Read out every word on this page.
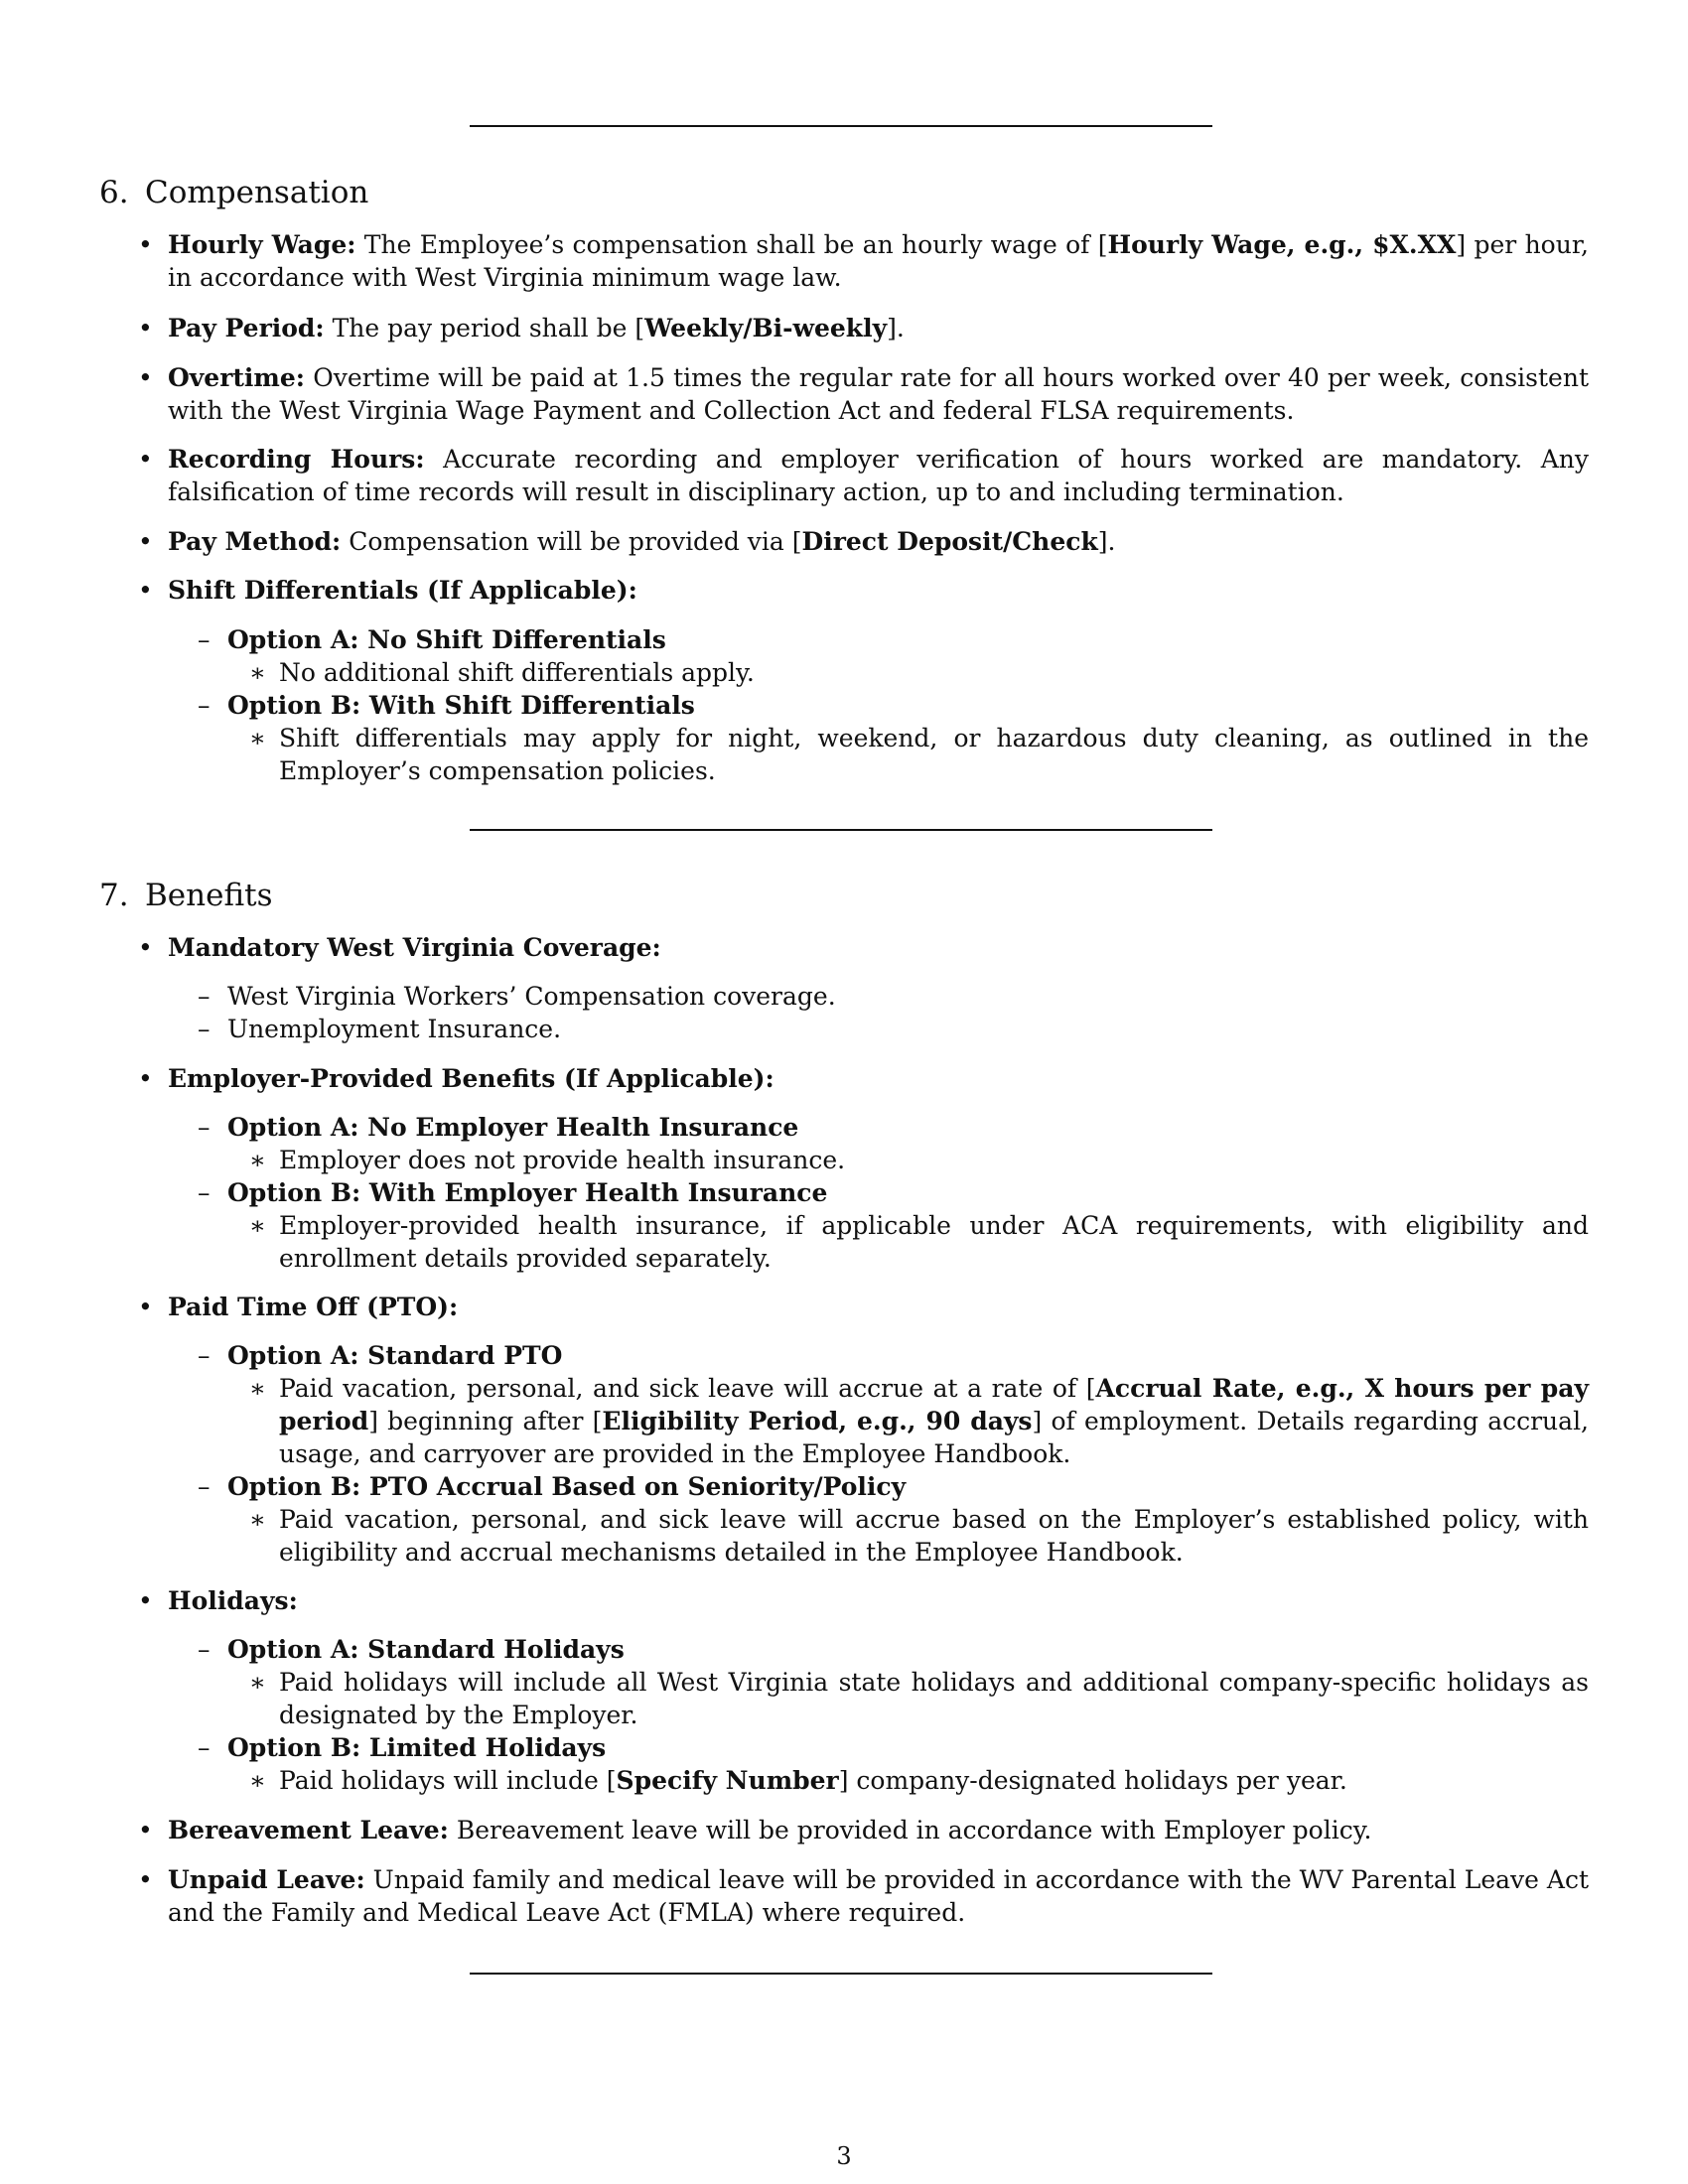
6. Compensation
• Hourly Wage: The Employee’s compensation shall be an hourly wage of [Hourly Wage, e.g., $X.XX] per hour, in accordance with West Virginia minimum wage law.
• Pay Period: The pay period shall be [Weekly/Bi-weekly].
• Overtime: Overtime will be paid at 1.5 times the regular rate for all hours worked over 40 per week, consistent with the West Virginia Wage Payment and Collection Act and federal FLSA requirements.
• Recording Hours: Accurate recording and employer verification of hours worked are mandatory. Any falsification of time records will result in disciplinary action, up to and including termination.
• Pay Method: Compensation will be provided via [Direct Deposit/Check].
• Shift Differentials (If Applicable):
– Option A: No Shift Differentials
∗ No additional shift differentials apply.
– Option B: With Shift Differentials
∗ Shift differentials may apply for night, weekend, or hazardous duty cleaning, as outlined in the Employer’s compensation policies.
7. Benefits
• Mandatory West Virginia Coverage:
– West Virginia Workers’ Compensation coverage.
– Unemployment Insurance.
• Employer-Provided Benefits (If Applicable):
– Option A: No Employer Health Insurance
∗ Employer does not provide health insurance.
– Option B: With Employer Health Insurance
∗ Employer-provided health insurance, if applicable under ACA requirements, with eligibility and enrollment details provided separately.
• Paid Time Off (PTO):
– Option A: Standard PTO
∗ Paid vacation, personal, and sick leave will accrue at a rate of [Accrual Rate, e.g., X hours per pay period] beginning after [Eligibility Period, e.g., 90 days] of employment. Details regarding accrual, usage, and carryover are provided in the Employee Handbook.
– Option B: PTO Accrual Based on Seniority/Policy
∗ Paid vacation, personal, and sick leave will accrue based on the Employer’s established policy, with eligibility and accrual mechanisms detailed in the Employee Handbook.
• Holidays:
– Option A: Standard Holidays
∗ Paid holidays will include all West Virginia state holidays and additional company-specific holidays as designated by the Employer.
– Option B: Limited Holidays
∗ Paid holidays will include [Specify Number] company-designated holidays per year.
• Bereavement Leave: Bereavement leave will be provided in accordance with Employer policy.
• Unpaid Leave: Unpaid family and medical leave will be provided in accordance with the WV Parental Leave Act and the Family and Medical Leave Act (FMLA) where required.
3
